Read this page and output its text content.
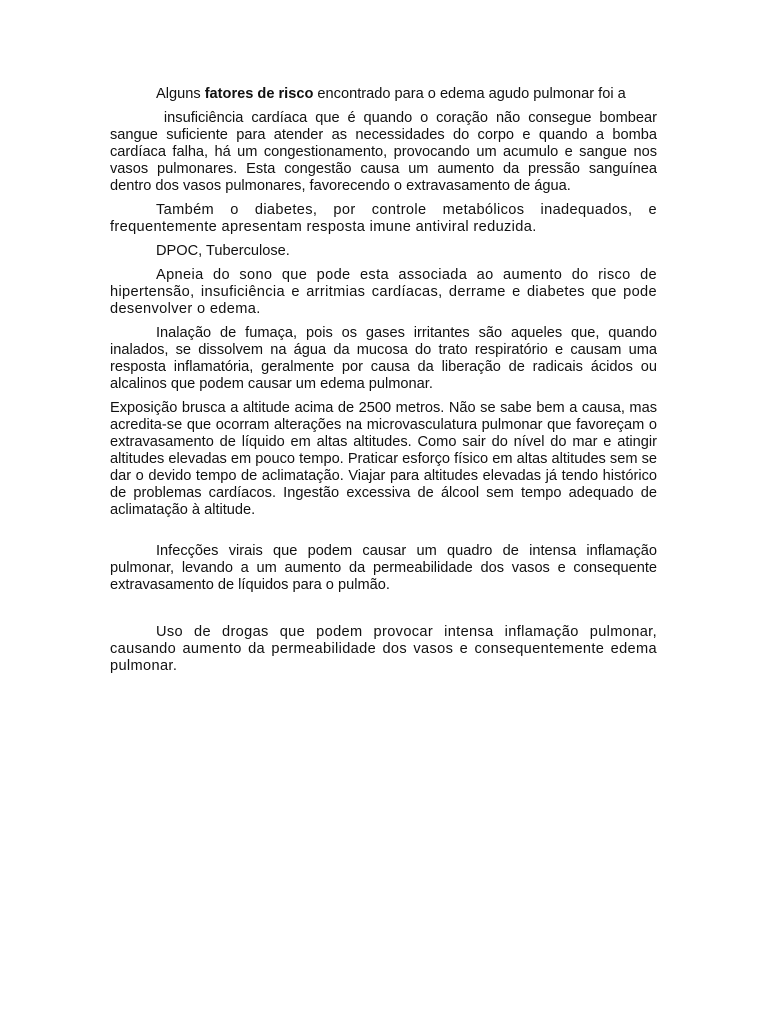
Alguns fatores de risco encontrado para o edema agudo pulmonar foi a

insuficiência cardíaca que é quando o coração não consegue bombear sangue suficiente para atender as necessidades do corpo e quando a bomba cardíaca falha, há um congestionamento, provocando um acumulo e sangue nos vasos pulmonares. Esta congestão causa um aumento da pressão sanguínea dentro dos vasos pulmonares, favorecendo o extravasamento de água.

Também o diabetes, por controle metabólicos inadequados, e frequentemente apresentam resposta imune antiviral reduzida.

DPOC, Tuberculose.

Apneia do sono que pode esta associada ao aumento do risco de hipertensão, insuficiência e arritmias cardíacas, derrame e diabetes que pode desenvolver o edema.

Inalação de fumaça, pois os gases irritantes são aqueles que, quando inalados, se dissolvem na água da mucosa do trato respiratório e causam uma resposta inflamatória, geralmente por causa da liberação de radicais ácidos ou alcalinos que podem causar um edema pulmonar.

Exposição brusca a altitude acima de 2500 metros. Não se sabe bem a causa, mas acredita-se que ocorram alterações na microvasculatura pulmonar que favoreçam o extravasamento de líquido em altas altitudes. Como sair do nível do mar e atingir altitudes elevadas em pouco tempo. Praticar esforço físico em altas altitudes sem se dar o devido tempo de aclimatação. Viajar para altitudes elevadas já tendo histórico de problemas cardíacos. Ingestão excessiva de álcool sem tempo adequado de aclimatação à altitude.

Infecções virais que podem causar um quadro de intensa inflamação pulmonar, levando a um aumento da permeabilidade dos vasos e consequente extravasamento de líquidos para o pulmão.

Uso de drogas que podem provocar intensa inflamação pulmonar, causando aumento da permeabilidade dos vasos e consequentemente edema pulmonar.
